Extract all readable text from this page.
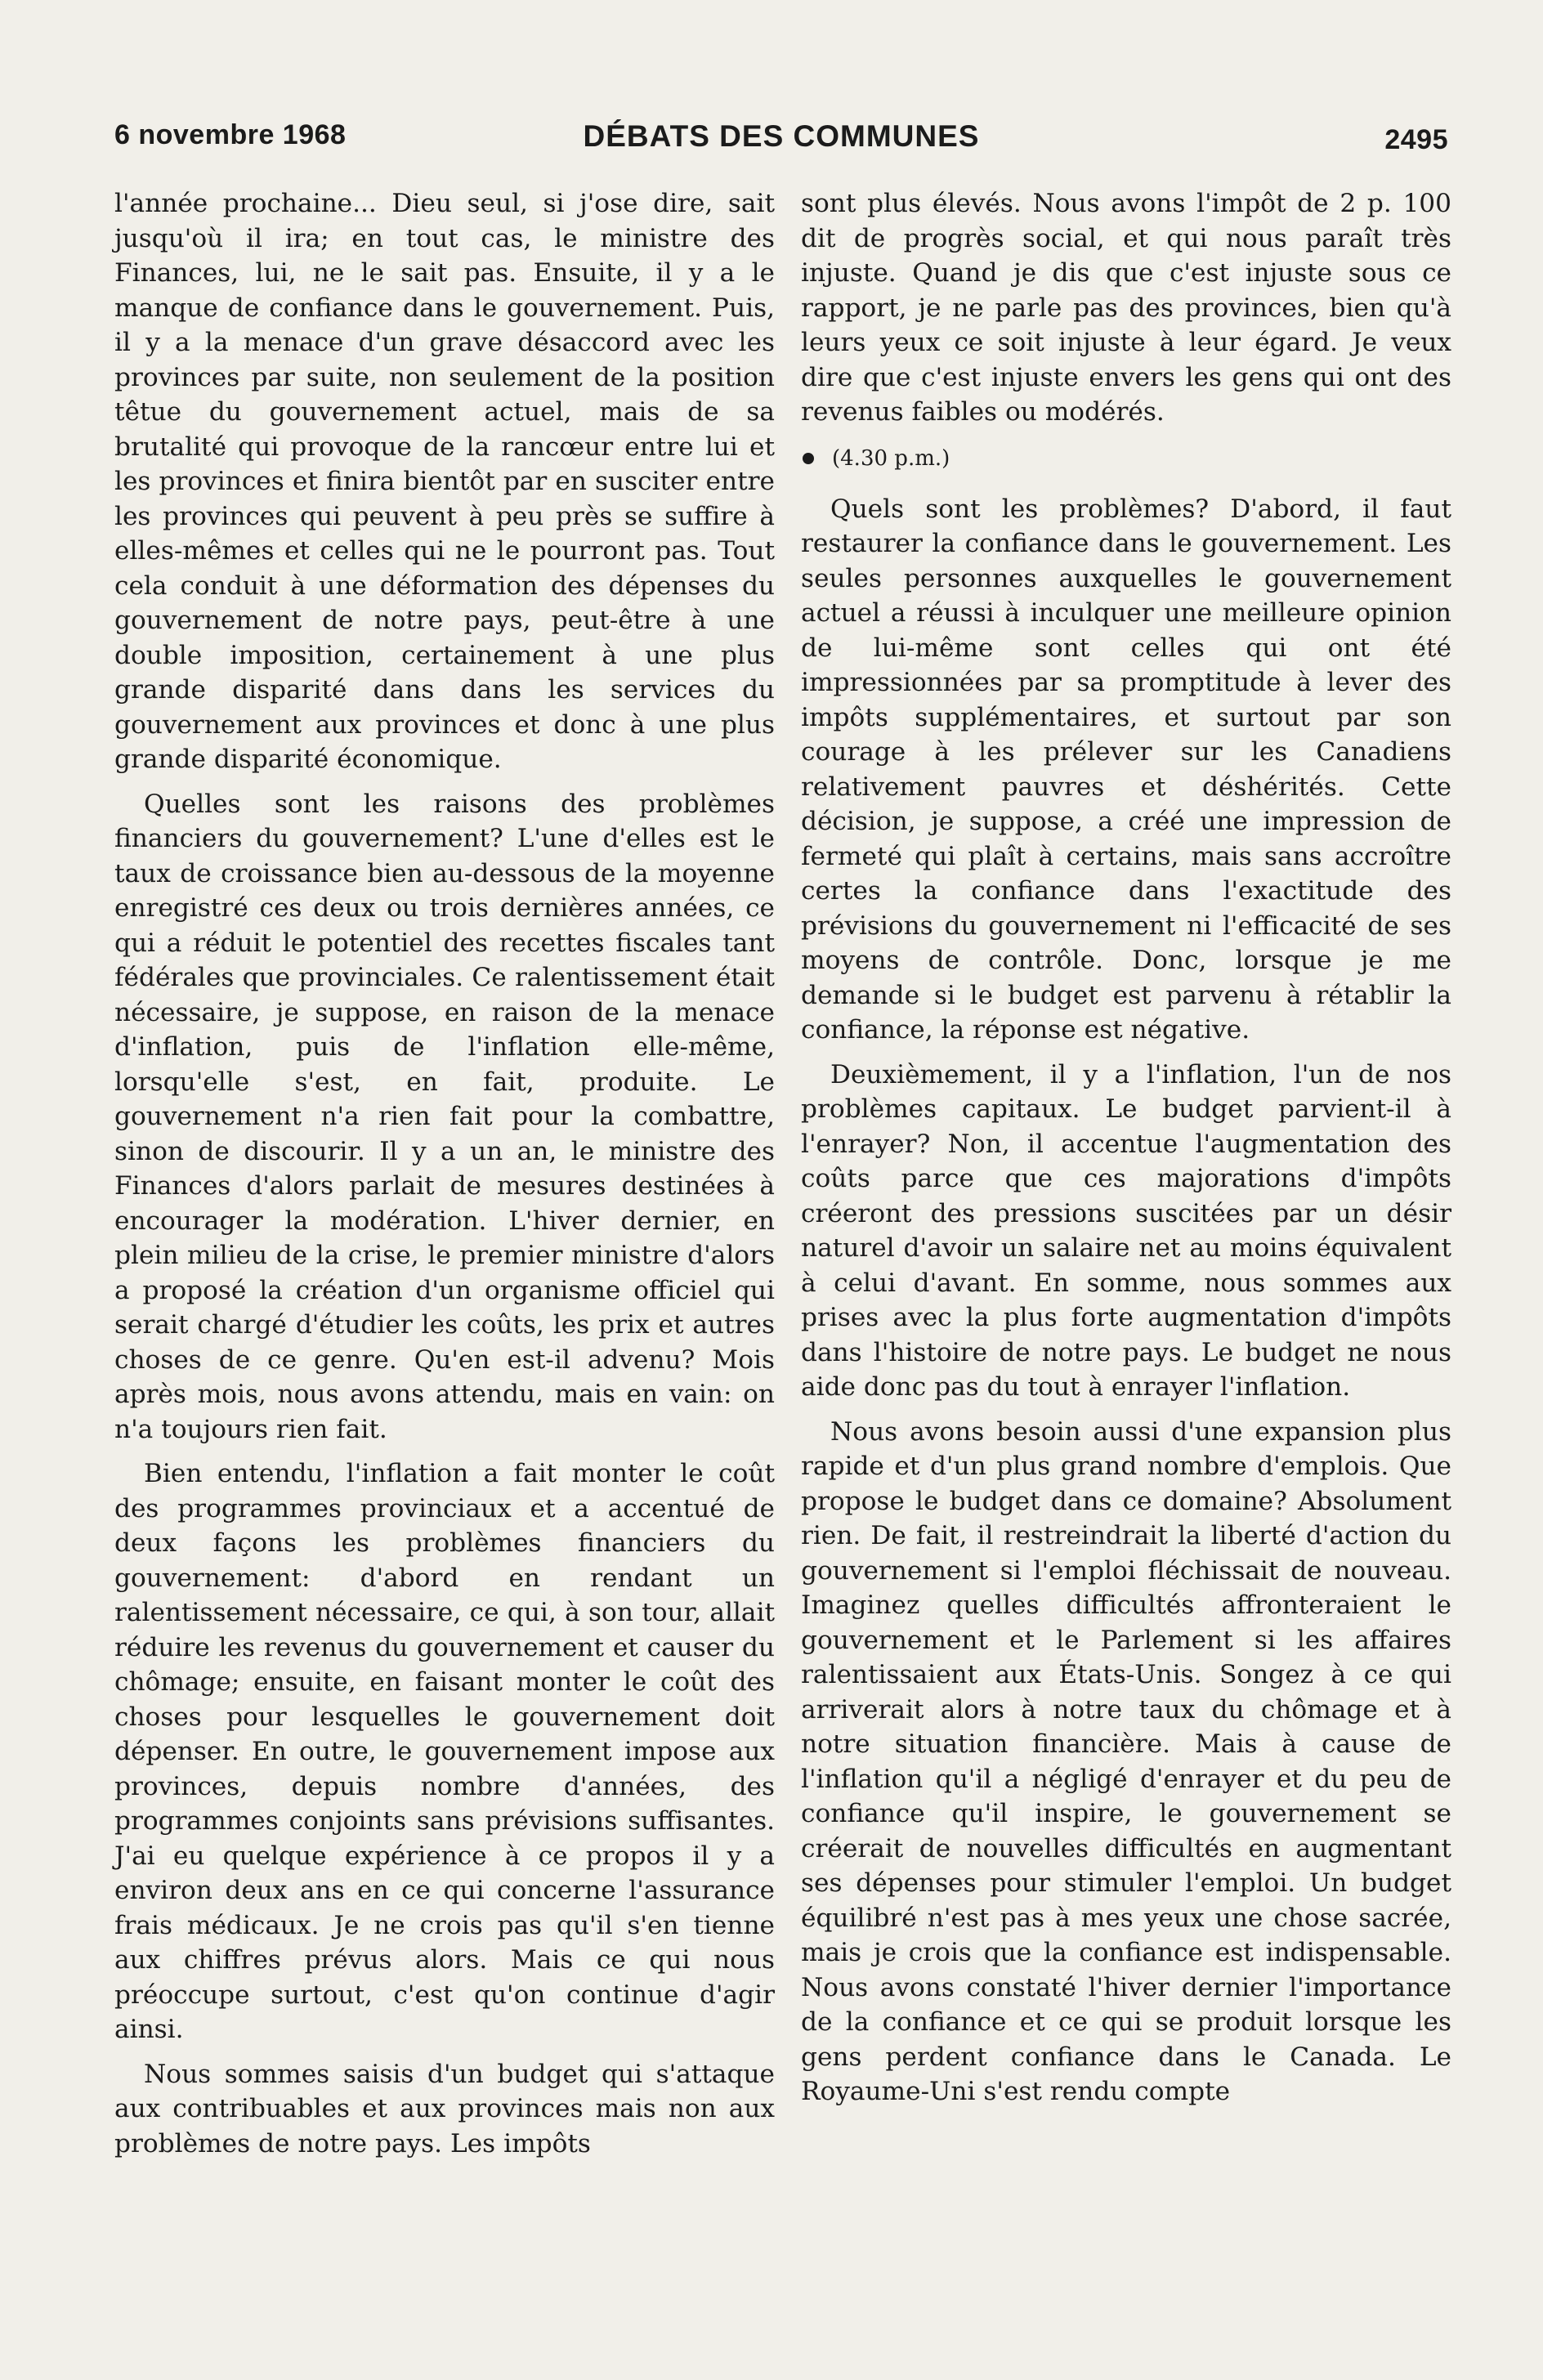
6 novembre 1968	DÉBATS DES COMMUNES	2495

l'année prochaine... Dieu seul, si j'ose dire, sait jusqu'où il ira; en tout cas, le ministre des Finances, lui, ne le sait pas. Ensuite, il y a le manque de confiance dans le gouvernement. Puis, il y a la menace d'un grave désaccord avec les provinces par suite, non seulement de la position têtue du gouvernement actuel, mais de sa brutalité qui provoque de la rancœur entre lui et les provinces et finira bientôt par en susciter entre les provinces qui peuvent à peu près se suffire à elles-mêmes et celles qui ne le pourront pas. Tout cela conduit à une déformation des dépenses du gouvernement de notre pays, peut-être à une double imposition, certainement à une plus grande disparité dans dans les services du gouvernement aux provinces et donc à une plus grande disparité économique.

Quelles sont les raisons des problèmes financiers du gouvernement? L'une d'elles est le taux de croissance bien au-dessous de la moyenne enregistré ces deux ou trois dernières années, ce qui a réduit le potentiel des recettes fiscales tant fédérales que provinciales. Ce ralentissement était nécessaire, je suppose, en raison de la menace d'inflation, puis de l'inflation elle-même, lorsqu'elle s'est, en fait, produite. Le gouvernement n'a rien fait pour la combattre, sinon de discourir. Il y a un an, le ministre des Finances d'alors parlait de mesures destinées à encourager la modération. L'hiver dernier, en plein milieu de la crise, le premier ministre d'alors a proposé la création d'un organisme officiel qui serait chargé d'étudier les coûts, les prix et autres choses de ce genre. Qu'en est-il advenu? Mois après mois, nous avons attendu, mais en vain: on n'a toujours rien fait.

Bien entendu, l'inflation a fait monter le coût des programmes provinciaux et a accentué de deux façons les problèmes financiers du gouvernement: d'abord en rendant un ralentissement nécessaire, ce qui, à son tour, allait réduire les revenus du gouvernement et causer du chômage; ensuite, en faisant monter le coût des choses pour lesquelles le gouvernement doit dépenser. En outre, le gouvernement impose aux provinces, depuis nombre d'années, des programmes conjoints sans prévisions suffisantes. J'ai eu quelque expérience à ce propos il y a environ deux ans en ce qui concerne l'assurance frais médicaux. Je ne crois pas qu'il s'en tienne aux chiffres prévus alors. Mais ce qui nous préoccupe surtout, c'est qu'on continue d'agir ainsi.

Nous sommes saisis d'un budget qui s'attaque aux contribuables et aux provinces mais non aux problèmes de notre pays. Les impôts

sont plus élevés. Nous avons l'impôt de 2 p. 100 dit de progrès social, et qui nous paraît très injuste. Quand je dis que c'est injuste sous ce rapport, je ne parle pas des provinces, bien qu'à leurs yeux ce soit injuste à leur égard. Je veux dire que c'est injuste envers les gens qui ont des revenus faibles ou modérés.

(4.30 p.m.)

Quels sont les problèmes? D'abord, il faut restaurer la confiance dans le gouvernement. Les seules personnes auxquelles le gouvernement actuel a réussi à inculquer une meilleure opinion de lui-même sont celles qui ont été impressionnées par sa promptitude à lever des impôts supplémentaires, et surtout par son courage à les prélever sur les Canadiens relativement pauvres et déshérités. Cette décision, je suppose, a créé une impression de fermeté qui plaît à certains, mais sans accroître certes la confiance dans l'exactitude des prévisions du gouvernement ni l'efficacité de ses moyens de contrôle. Donc, lorsque je me demande si le budget est parvenu à rétablir la confiance, la réponse est négative.

Deuxièmement, il y a l'inflation, l'un de nos problèmes capitaux. Le budget parvient-il à l'enrayer? Non, il accentue l'augmentation des coûts parce que ces majorations d'impôts créeront des pressions suscitées par un désir naturel d'avoir un salaire net au moins équivalent à celui d'avant. En somme, nous sommes aux prises avec la plus forte augmentation d'impôts dans l'histoire de notre pays. Le budget ne nous aide donc pas du tout à enrayer l'inflation.

Nous avons besoin aussi d'une expansion plus rapide et d'un plus grand nombre d'emplois. Que propose le budget dans ce domaine? Absolument rien. De fait, il restreindrait la liberté d'action du gouvernement si l'emploi fléchissait de nouveau. Imaginez quelles difficultés affronteraient le gouvernement et le Parlement si les affaires ralentissaient aux États-Unis. Songez à ce qui arriverait alors à notre taux du chômage et à notre situation financière. Mais à cause de l'inflation qu'il a négligé d'enrayer et du peu de confiance qu'il inspire, le gouvernement se créerait de nouvelles difficultés en augmentant ses dépenses pour stimuler l'emploi. Un budget équilibré n'est pas à mes yeux une chose sacrée, mais je crois que la confiance est indispensable. Nous avons constaté l'hiver dernier l'importance de la confiance et ce qui se produit lorsque les gens perdent confiance dans le Canada. Le Royaume-Uni s'est rendu compte
